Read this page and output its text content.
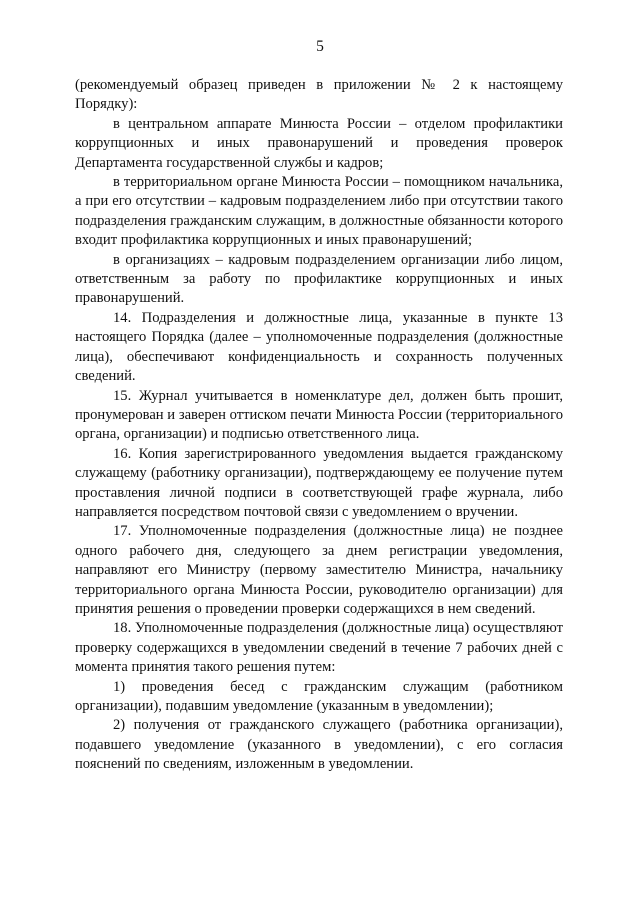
5

(рекомендуемый образец приведен в приложении № 2 к настоящему Порядку):

в центральном аппарате Минюста России – отделом профилактики коррупционных и иных правонарушений и проведения проверок Департамента государственной службы и кадров;

в территориальном органе Минюста России – помощником начальника, а при его отсутствии – кадровым подразделением либо при отсутствии такого подразделения гражданским служащим, в должностные обязанности которого входит профилактика коррупционных и иных правонарушений;

в организациях – кадровым подразделением организации либо лицом, ответственным за работу по профилактике коррупционных и иных правонарушений.

14. Подразделения и должностные лица, указанные в пункте 13 настоящего Порядка (далее – уполномоченные подразделения (должностные лица), обеспечивают конфиденциальность и сохранность полученных сведений.

15. Журнал учитывается в номенклатуре дел, должен быть прошит, пронумерован и заверен оттиском печати Минюста России (территориального органа, организации) и подписью ответственного лица.

16. Копия зарегистрированного уведомления выдается гражданскому служащему (работнику организации), подтверждающему ее получение путем проставления личной подписи в соответствующей графе журнала, либо направляется посредством почтовой связи с уведомлением о вручении.

17. Уполномоченные подразделения (должностные лица) не позднее одного рабочего дня, следующего за днем регистрации уведомления, направляют его Министру (первому заместителю Министра, начальнику территориального органа Минюста России, руководителю организации) для принятия решения о проведении проверки содержащихся в нем сведений.

18. Уполномоченные подразделения (должностные лица) осуществляют проверку содержащихся в уведомлении сведений в течение 7 рабочих дней с момента принятия такого решения путем:

1) проведения бесед с гражданским служащим (работником организации), подавшим уведомление (указанным в уведомлении);

2) получения от гражданского служащего (работника организации), подавшего уведомление (указанного в уведомлении), с его согласия пояснений по сведениям, изложенным в уведомлении.
